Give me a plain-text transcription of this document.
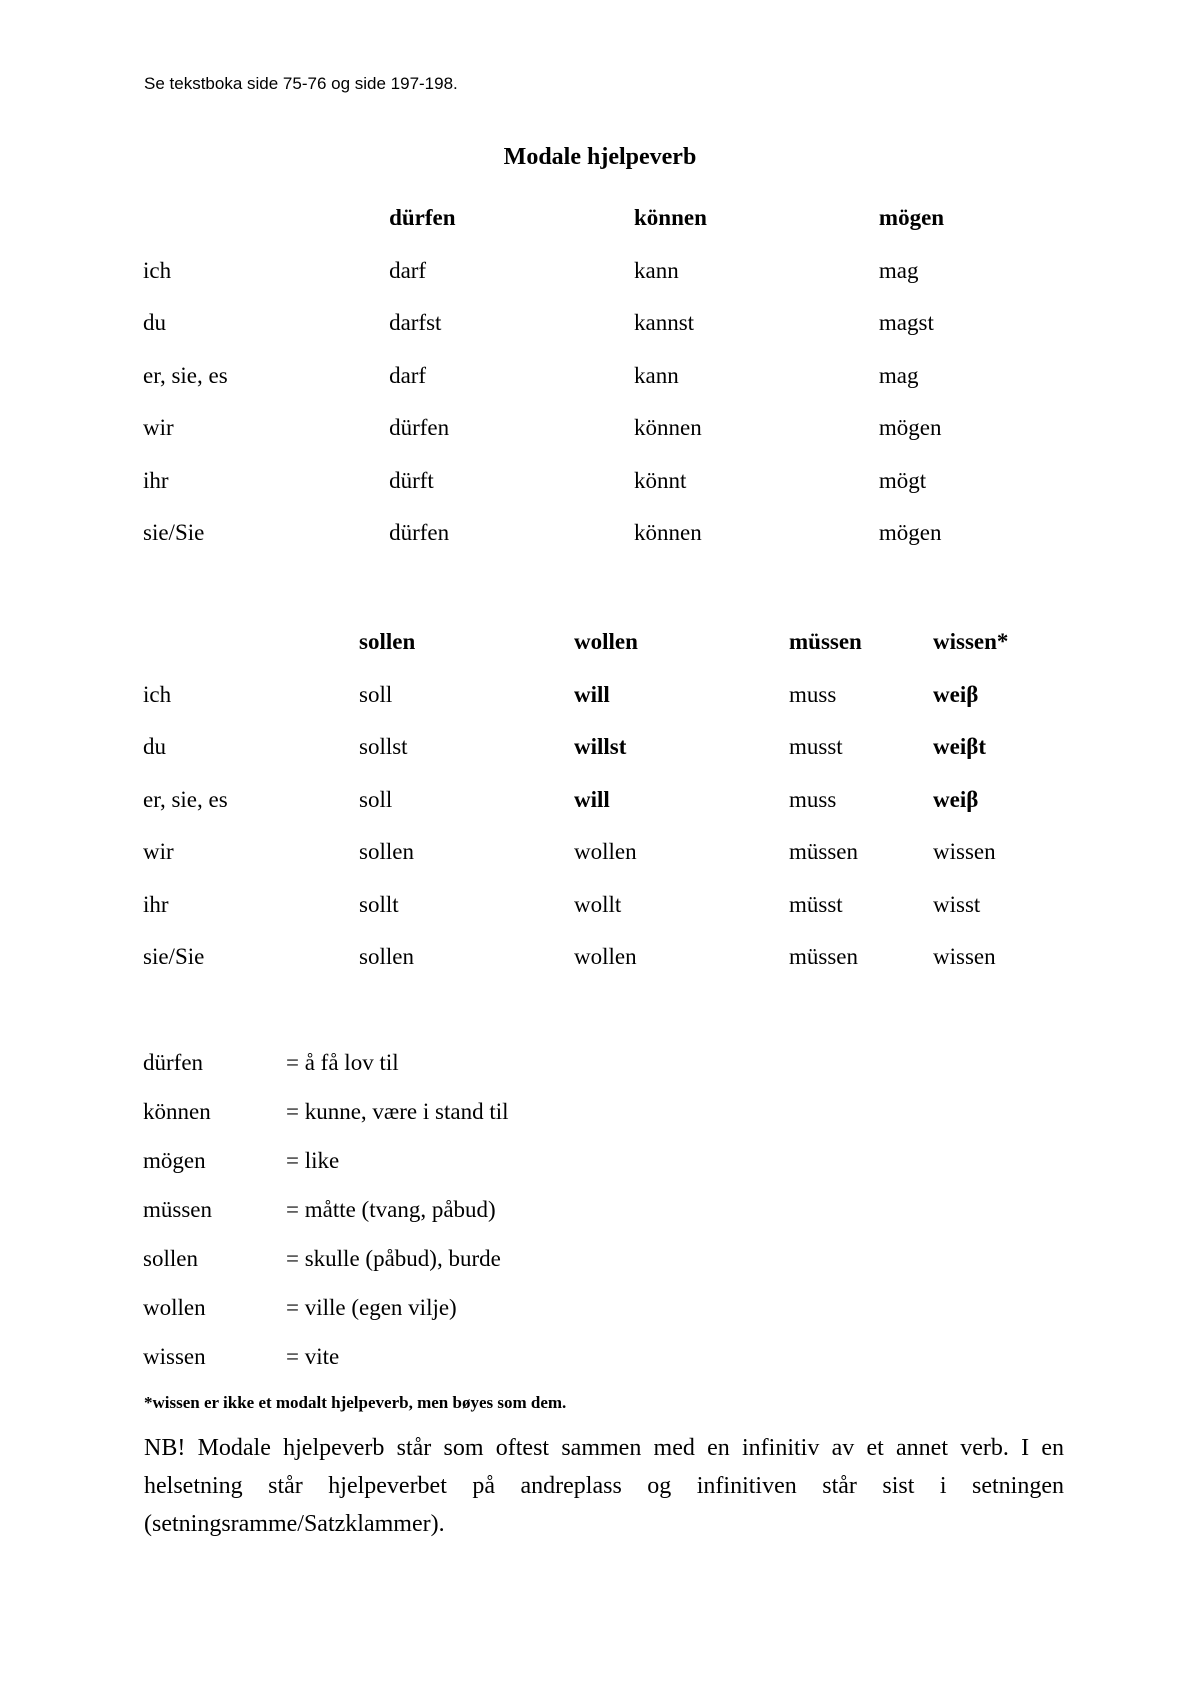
Se tekstboka side 75-76 og side 197-198.
Modale hjelpeverb
	dürfen	können	mögen
ich	darf	kann	mag
du	darfst	kannst	magst
er, sie, es	darf	kann	mag
wir	dürfen	können	mögen
ihr	dürft	könnt	mögt
sie/Sie	dürfen	können	mögen
	sollen	wollen	müssen	wissen*
ich	soll	will	muss	weiβ
du	sollst	willst	musst	weiβt
er, sie, es	soll	will	muss	weiβ
wir	sollen	wollen	müssen	wissen
ihr	sollt	wollt	müsst	wisst
sie/Sie	sollen	wollen	müssen	wissen
dürfen	= å få lov til
können	= kunne, være i stand til
mögen	= like
müssen	= måtte (tvang, påbud)
sollen	= skulle (påbud), burde
wollen	= ville (egen vilje)
wissen	= vite
*wissen er ikke et modalt hjelpeverb, men bøyes som dem.
NB! Modale hjelpeverb står som oftest sammen med en infinitiv av et annet verb. I en helsetning står hjelpeverbet på andreplass og infinitiven står sist i setningen (setningsramme/Satzklammer).
